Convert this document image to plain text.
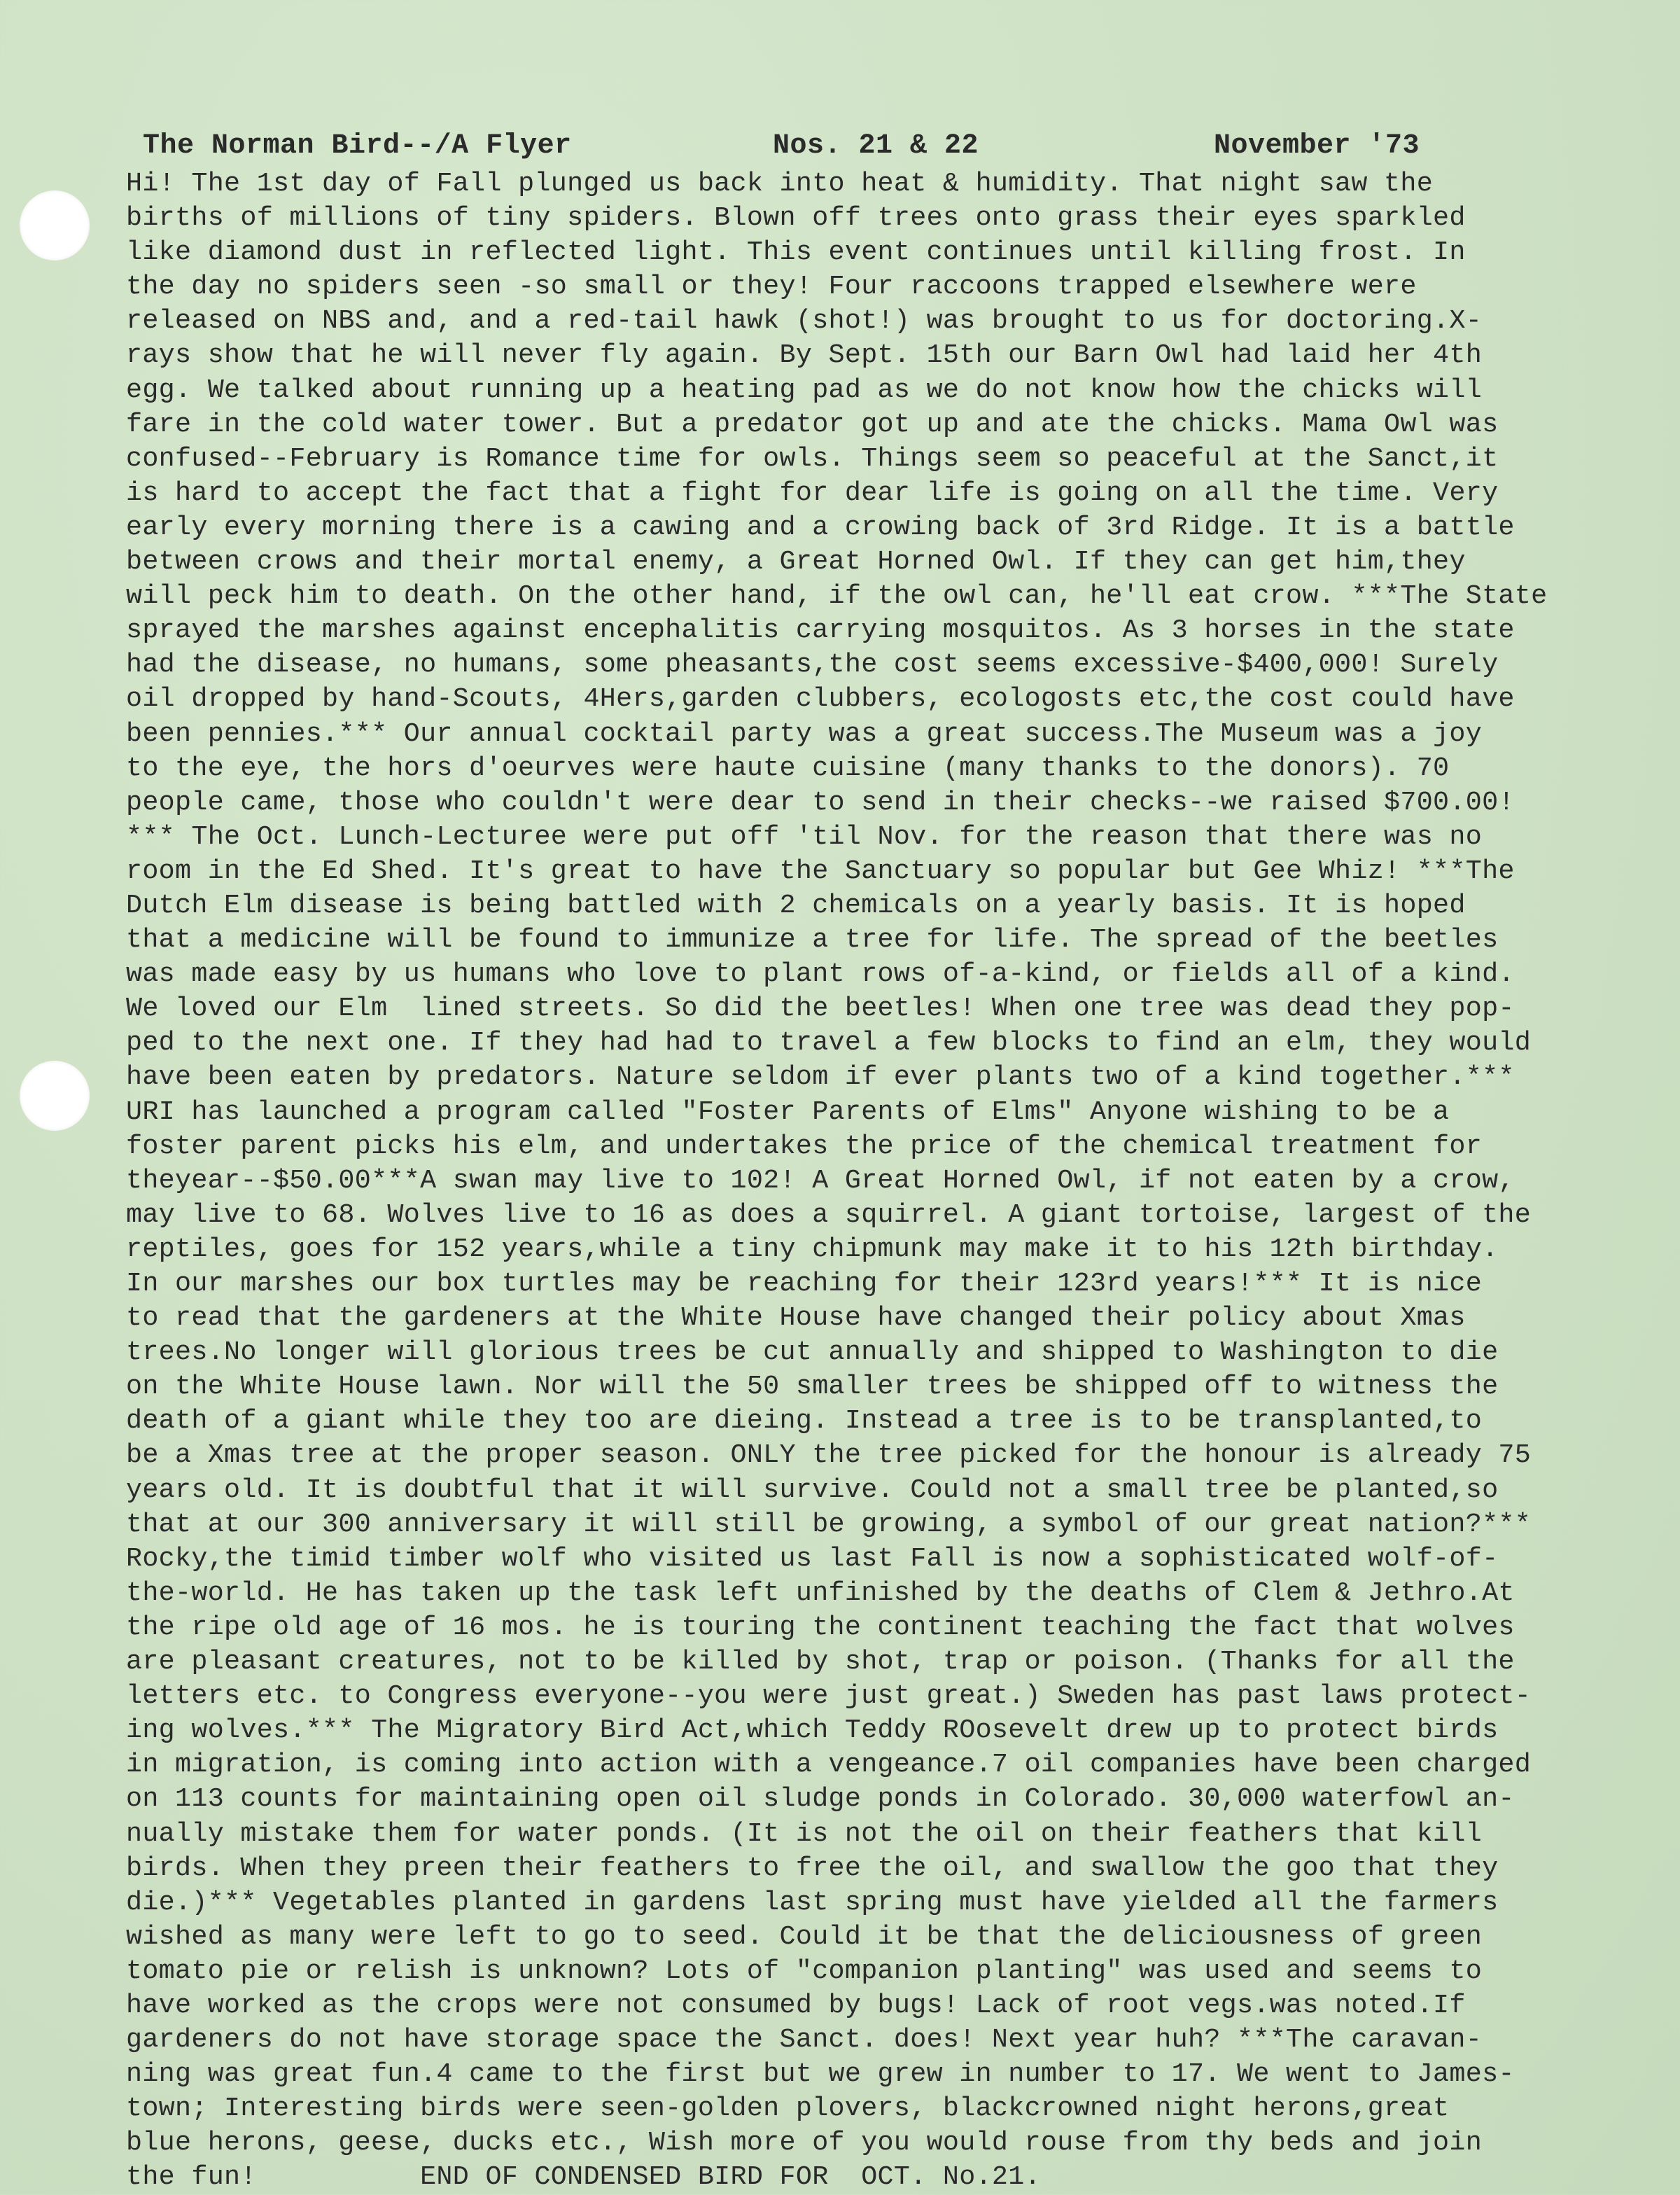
The Norman Bird--/A Flyer	Nos. 21 & 22	November '73
Hi! The 1st day of Fall plunged us back into heat & humidity. That night saw the
births of millions of tiny spiders. Blown off trees onto grass their eyes sparkled
like diamond dust in reflected light. This event continues until killing frost. In
the day no spiders seen -so small or they! Four raccoons trapped elsewhere were
released on NBS and, and a red-tail hawk (shot!) was brought to us for doctoring.X-
rays show that he will never fly again. By Sept. 15th our Barn Owl had laid her 4th
egg. We talked about running up a heating pad as we do not know how the chicks will
fare in the cold water tower. But a predator got up and ate the chicks. Mama Owl was
confused--February is Romance time for owls. Things seem so peaceful at the Sanct,it
is hard to accept the fact that a fight for dear life is going on all the time. Very
early every morning there is a cawing and a crowing back of 3rd Ridge. It is a battle
between crows and their mortal enemy, a Great Horned Owl. If they can get him,they
will peck him to death. On the other hand, if the owl can, he'll eat crow. ***The State
sprayed the marshes against encephalitis carrying mosquitos. As 3 horses in the state
had the disease, no humans, some pheasants,the cost seems excessive-$400,000! Surely
oil dropped by hand-Scouts, 4Hers,garden clubbers, ecologosts etc,the cost could have
been pennies.*** Our annual cocktail party was a great success.The Museum was a joy
to the eye, the hors d'oeurves were haute cuisine (many thanks to the donors). 70
people came, those who couldn't were dear to send in their checks--we raised $700.00!
*** The Oct. Lunch-Lecturee were put off 'til Nov. for the reason that there was no
room in the Ed Shed. It's great to have the Sanctuary so popular but Gee Whiz! ***The
Dutch Elm disease is being battled with 2 chemicals on a yearly basis. It is hoped
that a medicine will be found to immunize a tree for life. The spread of the beetles
was made easy by us humans who love to plant rows of-a-kind, or fields all of a kind.
We loved our Elm  lined streets. So did the beetles! When one tree was dead they pop-
ped to the next one. If they had had to travel a few blocks to find an elm, they would
have been eaten by predators. Nature seldom if ever plants two of a kind together.***
URI has launched a program called "Foster Parents of Elms" Anyone wishing to be a
foster parent picks his elm, and undertakes the price of the chemical treatment for
theyear--$50.00***A swan may live to 102! A Great Horned Owl, if not eaten by a crow,
may live to 68. Wolves live to 16 as does a squirrel. A giant tortoise, largest of the
reptiles, goes for 152 years,while a tiny chipmunk may make it to his 12th birthday.
In our marshes our box turtles may be reaching for their 123rd years!*** It is nice
to read that the gardeners at the White House have changed their policy about Xmas
trees.No longer will glorious trees be cut annually and shipped to Washington to die
on the White House lawn. Nor will the 50 smaller trees be shipped off to witness the
death of a giant while they too are dieing. Instead a tree is to be transplanted,to
be a Xmas tree at the proper season. ONLY the tree picked for the honour is already 75
years old. It is doubtful that it will survive. Could not a small tree be planted,so
that at our 300 anniversary it will still be growing, a symbol of our great nation?***
Rocky,the timid timber wolf who visited us last Fall is now a sophisticated wolf-of-
the-world. He has taken up the task left unfinished by the deaths of Clem & Jethro.At
the ripe old age of 16 mos. he is touring the continent teaching the fact that wolves
are pleasant creatures, not to be killed by shot, trap or poison. (Thanks for all the
letters etc. to Congress everyone--you were just great.) Sweden has past laws protect-
ing wolves.*** The Migratory Bird Act,which Teddy ROosevelt drew up to protect birds
in migration, is coming into action with a vengeance.7 oil companies have been charged
on 113 counts for maintaining open oil sludge ponds in Colorado. 30,000 waterfowl an-
nually mistake them for water ponds. (It is not the oil on their feathers that kill
birds. When they preen their feathers to free the oil, and swallow the goo that they
die.)*** Vegetables planted in gardens last spring must have yielded all the farmers
wished as many were left to go to seed. Could it be that the deliciousness of green
tomato pie or relish is unknown? Lots of "companion planting" was used and seems to
have worked as the crops were not consumed by bugs! Lack of root vegs.was noted.If
gardeners do not have storage space the Sanct. does! Next year huh? ***The caravan-
ning was great fun.4 came to the first but we grew in number to 17. We went to James-
town; Interesting birds were seen-golden plovers, blackcrowned night herons,great
blue herons, geese, ducks etc., Wish more of you would rouse from thy beds and join
the fun!          END OF CONDENSED BIRD FOR  OCT. No.21.
